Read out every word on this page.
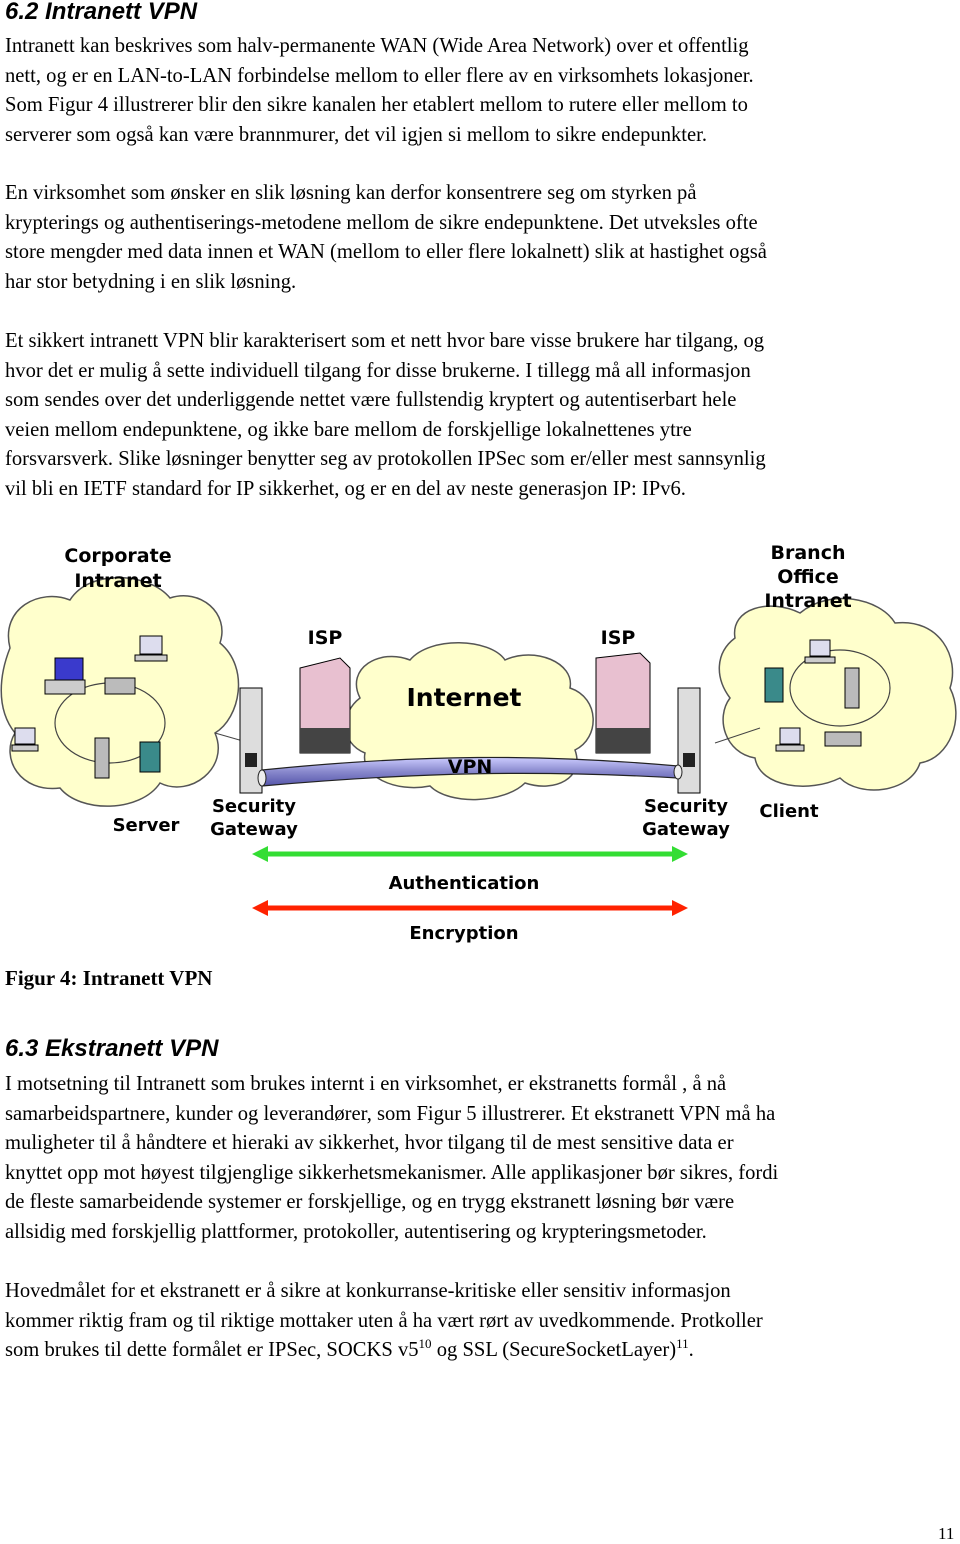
6.2 Intranett VPN

Intranett kan beskrives som halv-permanente WAN (Wide Area Network) over et offentlig
nett, og er en LAN-to-LAN forbindelse mellom to eller flere av en virksomhets lokasjoner.
Som Figur 4 illustrerer blir den sikre kanalen her etablert mellom to rutere eller mellom to
serverer som også kan være brannmurer, det vil igjen si mellom to sikre endepunkter.

En virksomhet som ønsker en slik løsning kan derfor konsentrere seg om styrken på
krypterings og authentiserings-metodene mellom de sikre endepunktene. Det utveksles ofte
store mengder med data innen et WAN (mellom to eller flere lokalnett) slik at hastighet også
har stor betydning i en slik løsning.

Et sikkert intranett VPN blir karakterisert som et nett hvor bare visse brukere har tilgang, og
hvor det er mulig å sette individuell tilgang for disse brukerne. I tillegg må all informasjon
som sendes over det underliggende nettet være fullstendig kryptert og autentiserbart hele
veien mellom endepunktene, og ikke bare mellom de forskjellige lokalnettenes ytre
forsvarsverk. Slike løsninger benytter seg av protokollen IPSec som er/eller mest sannsynlig
vil bli en IETF standard for IP sikkerhet, og er en del av neste generasjon IP: IPv6.

Corporate
Intranet
Branch
Office
Intranet
ISP	ISP
Internet
VPN
Security
Gateway
Security
Gateway
Server
Client
Authentication
Encryption

Figur 4: Intranett VPN

6.3 Ekstranett VPN

I motsetning til Intranett som brukes internt i en virksomhet, er ekstranetts formål , å nå
samarbeidspartnere, kunder og leverandører, som Figur 5 illustrerer. Et ekstranett VPN må ha
muligheter til å håndtere et hieraki av sikkerhet, hvor tilgang til de mest sensitive data er
knyttet opp mot høyest tilgjenglige sikkerhetsmekanismer. Alle applikasjoner bør sikres, fordi
de fleste samarbeidende systemer er forskjellige, og en trygg ekstranett løsning bør være
allsidig med forskjellig plattformer, protokoller, autentisering og krypteringsmetoder.

Hovedmålet for et ekstranett er å sikre at konkurranse-kritiske eller sensitiv informasjon
kommer riktig fram og til riktige mottaker uten å ha vært rørt av uvedkommende. Protkoller
som brukes til dette formålet er IPSec, SOCKS $v5^{10}$ og SSL (SecureSocketLayer)$^{11}$.

11
